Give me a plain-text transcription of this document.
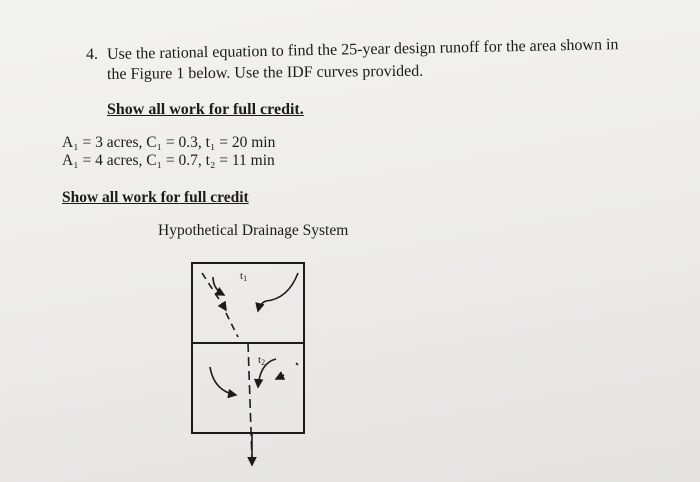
4. Use the rational equation to find the 25-year design runoff for the area shown in
the Figure 1 below. Use the IDF curves provided.
Show all work for full credit.
A₁ = 3 acres, C₁ = 0.3, t₁ = 20 min
A₁ = 4 acres, C₁ = 0.7, t₂ = 11 min
Show all work for full credit
Hypothetical Drainage System
t1
t2
